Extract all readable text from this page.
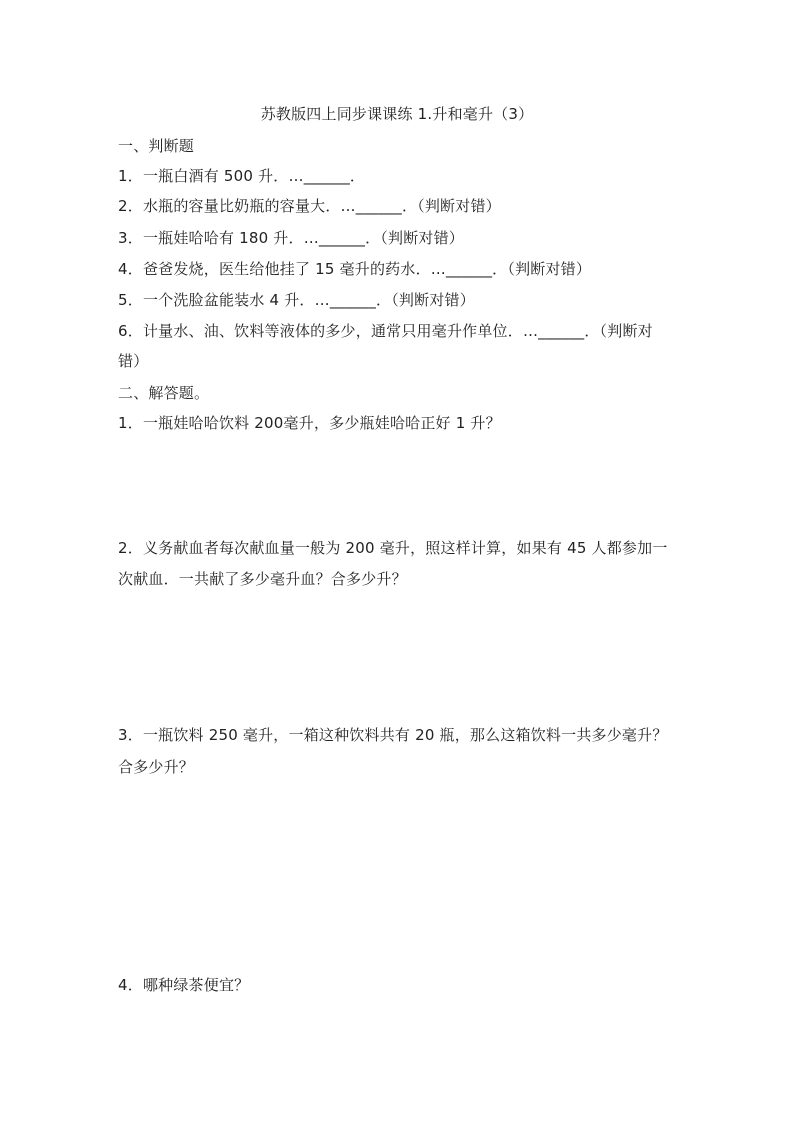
苏教版四上同步课课练 1.升和毫升（3）
一、判断题
1．一瓶白酒有 500 升．…______．
2．水瓶的容量比奶瓶的容量大．…______．（判断对错）
3．一瓶娃哈哈有 180 升．…______．（判断对错）
4．爸爸发烧，医生给他挂了 15 毫升的药水．…______．（判断对错）
5．一个洗脸盆能装水 4 升．…______．（判断对错）
6．计量水、油、饮料等液体的多少，通常只用毫升作单位．…______．（判断对
错）
二、解答题。
1．一瓶娃哈哈饮料 200毫升，多少瓶娃哈哈正好 1 升？
2．义务献血者每次献血量一般为 200 毫升，照这样计算，如果有 45 人都参加一
次献血．一共献了多少毫升血？合多少升？
3．一瓶饮料 250 毫升，一箱这种饮料共有 20 瓶，那么这箱饮料一共多少毫升？
合多少升？
4．哪种绿茶便宜？
